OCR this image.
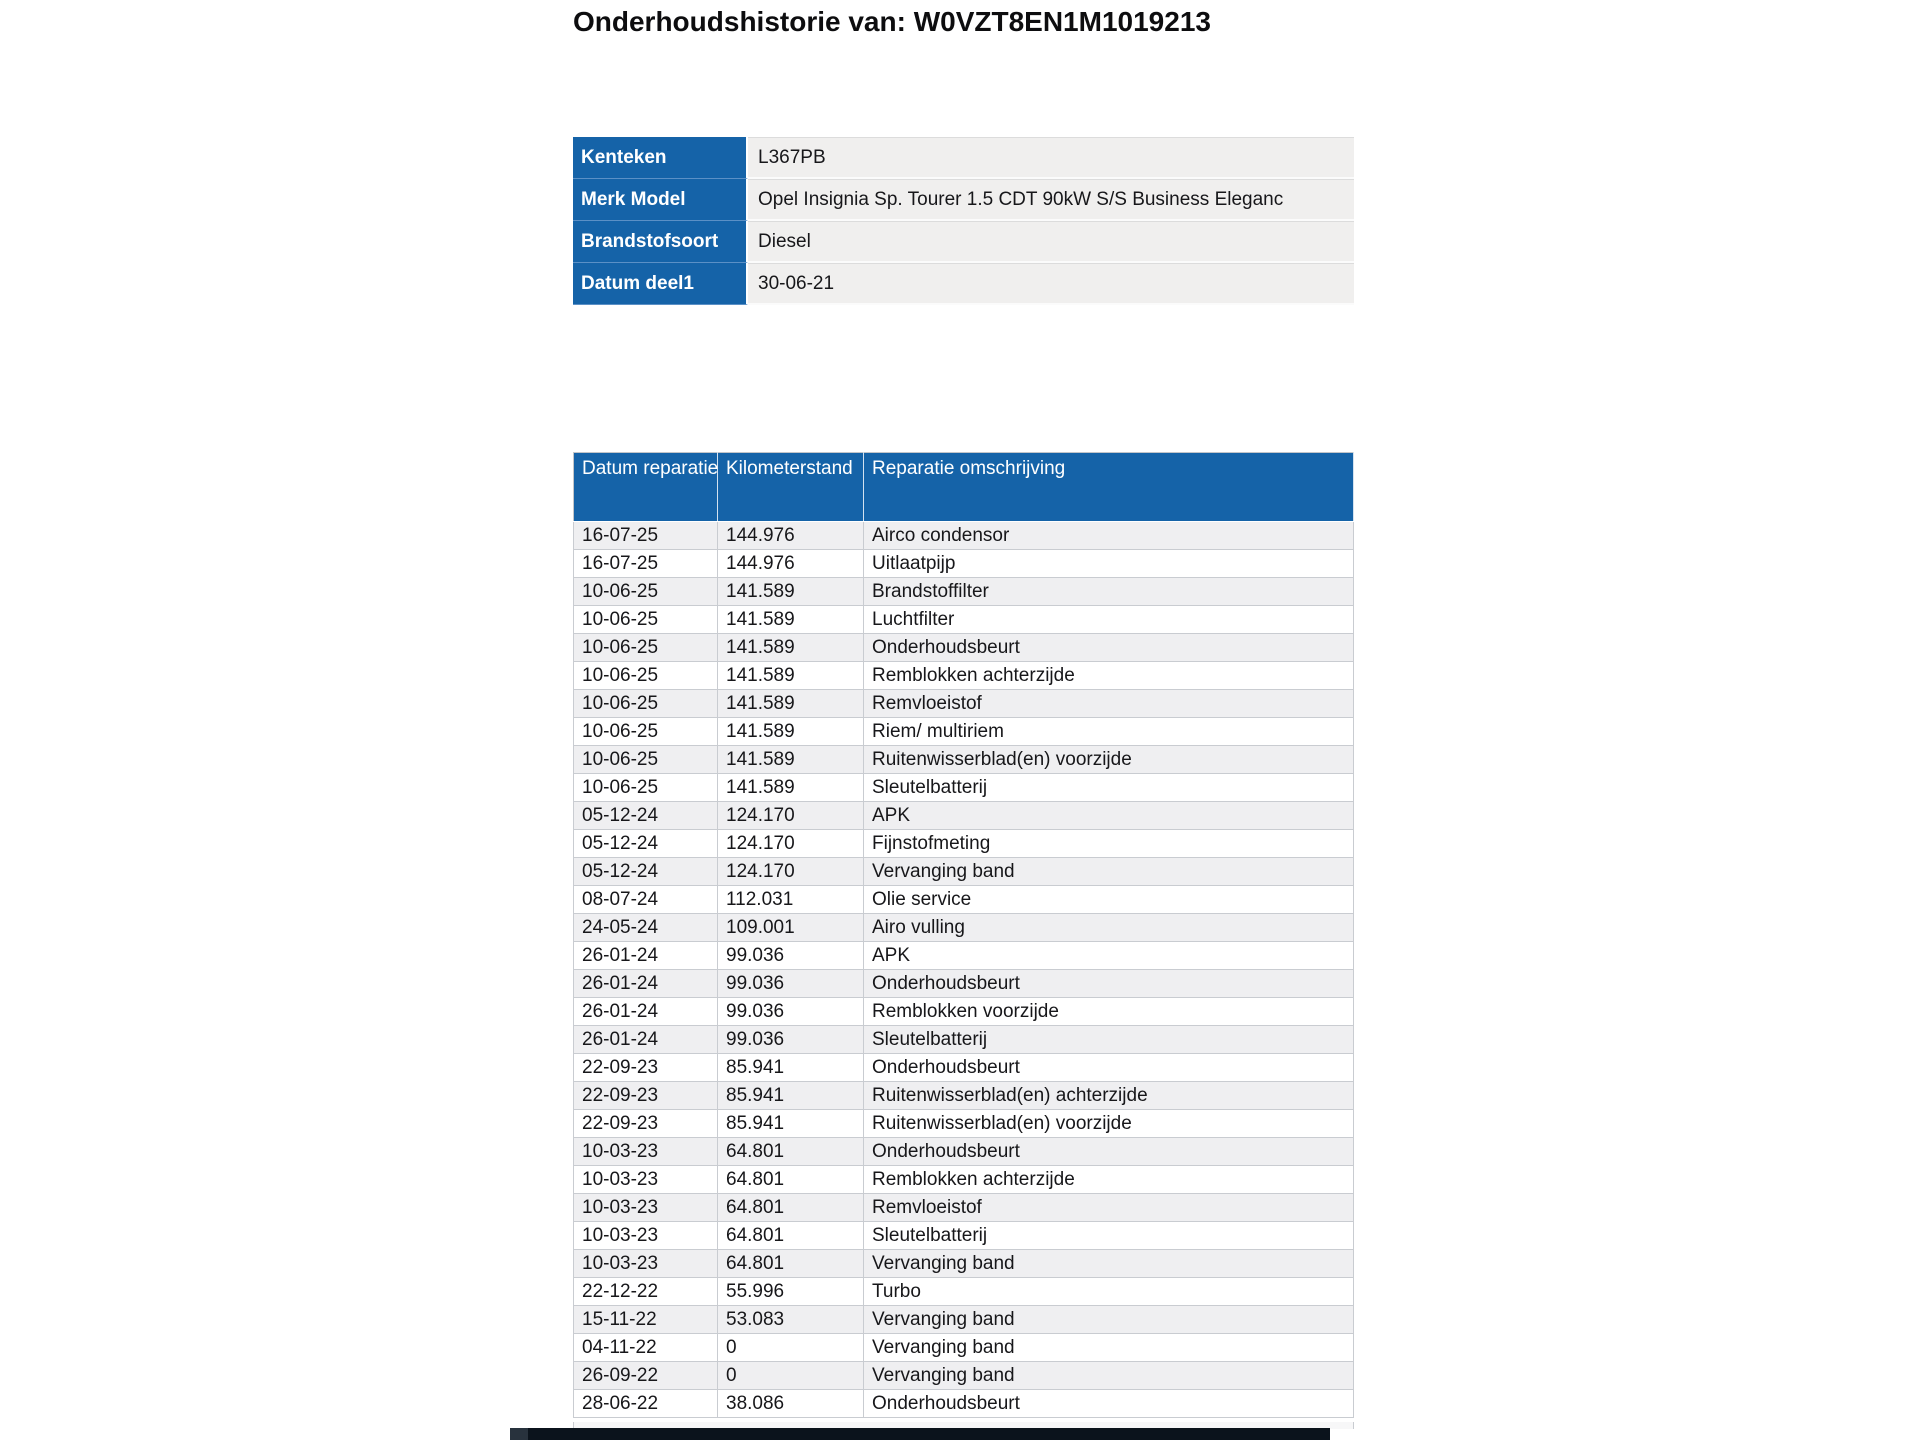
Onderhoudshistorie van: W0VZT8EN1M1019213
Kenteken	L367PB
Merk Model	Opel Insignia Sp. Tourer 1.5 CDT 90kW S/S Business Eleganc
Brandstofsoort	Diesel
Datum deel1	30-06-21
Datum reparatie	Kilometerstand	Reparatie omschrijving
16-07-25	144.976	Airco condensor
16-07-25	144.976	Uitlaatpijp
10-06-25	141.589	Brandstoffilter
10-06-25	141.589	Luchtfilter
10-06-25	141.589	Onderhoudsbeurt
10-06-25	141.589	Remblokken achterzijde
10-06-25	141.589	Remvloeistof
10-06-25	141.589	Riem/ multiriem
10-06-25	141.589	Ruitenwisserblad(en) voorzijde
10-06-25	141.589	Sleutelbatterij
05-12-24	124.170	APK
05-12-24	124.170	Fijnstofmeting
05-12-24	124.170	Vervanging band
08-07-24	112.031	Olie service
24-05-24	109.001	Airo vulling
26-01-24	99.036	APK
26-01-24	99.036	Onderhoudsbeurt
26-01-24	99.036	Remblokken voorzijde
26-01-24	99.036	Sleutelbatterij
22-09-23	85.941	Onderhoudsbeurt
22-09-23	85.941	Ruitenwisserblad(en) achterzijde
22-09-23	85.941	Ruitenwisserblad(en) voorzijde
10-03-23	64.801	Onderhoudsbeurt
10-03-23	64.801	Remblokken achterzijde
10-03-23	64.801	Remvloeistof
10-03-23	64.801	Sleutelbatterij
10-03-23	64.801	Vervanging band
22-12-22	55.996	Turbo
15-11-22	53.083	Vervanging band
04-11-22	0	Vervanging band
26-09-22	0	Vervanging band
28-06-22	38.086	Onderhoudsbeurt
